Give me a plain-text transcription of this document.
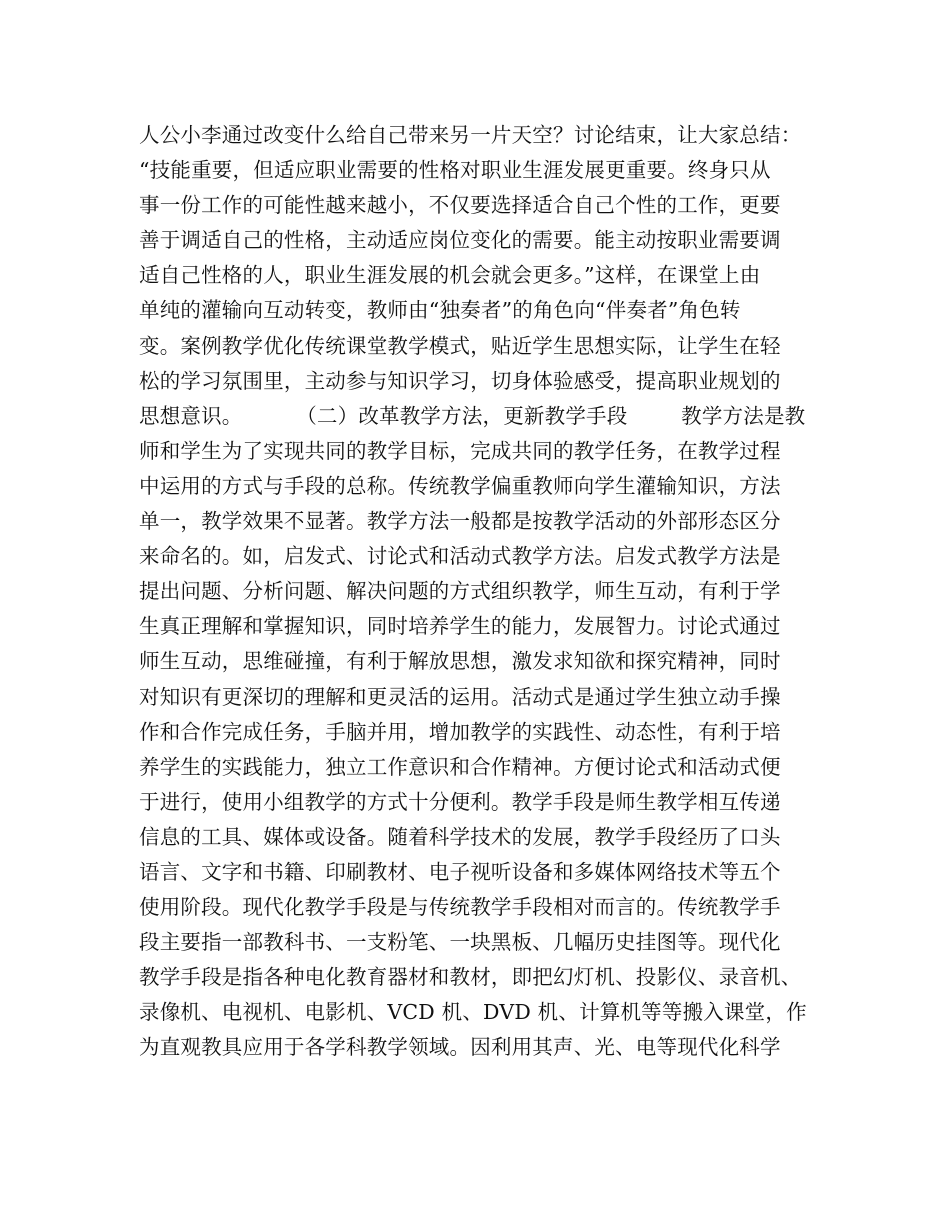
人公小李通过改变什么给自己带来另一片天空？讨论结束，让大家总结：
“技能重要，但适应职业需要的性格对职业生涯发展更重要。终身只从
事一份工作的可能性越来越小，不仅要选择适合自己个性的工作，更要
善于调适自己的性格，主动适应岗位变化的需要。能主动按职业需要调
适自己性格的人，职业生涯发展的机会就会更多。”这样，在课堂上由
单纯的灌输向互动转变，教师由“独奏者”的角色向“伴奏者”角色转
变。案例教学优化传统课堂教学模式，贴近学生思想实际，让学生在轻
松的学习氛围里，主动参与知识学习，切身体验感受，提高职业规划的
思想意识。        （二）改革教学方法，更新教学手段        教学方法是教
师和学生为了实现共同的教学目标，完成共同的教学任务，在教学过程
中运用的方式与手段的总称。传统教学偏重教师向学生灌输知识，方法
单一，教学效果不显著。教学方法一般都是按教学活动的外部形态区分
来命名的。如，启发式、讨论式和活动式教学方法。启发式教学方法是
提出问题、分析问题、解决问题的方式组织教学，师生互动，有利于学
生真正理解和掌握知识，同时培养学生的能力，发展智力。讨论式通过
师生互动，思维碰撞，有利于解放思想，激发求知欲和探究精神，同时
对知识有更深切的理解和更灵活的运用。活动式是通过学生独立动手操
作和合作完成任务，手脑并用，增加教学的实践性、动态性，有利于培
养学生的实践能力，独立工作意识和合作精神。方便讨论式和活动式便
于进行，使用小组教学的方式十分便利。教学手段是师生教学相互传递
信息的工具、媒体或设备。随着科学技术的发展，教学手段经历了口头
语言、文字和书籍、印刷教材、电子视听设备和多媒体网络技术等五个
使用阶段。现代化教学手段是与传统教学手段相对而言的。传统教学手
段主要指一部教科书、一支粉笔、一块黑板、几幅历史挂图等。现代化
教学手段是指各种电化教育器材和教材，即把幻灯机、投影仪、录音机、
录像机、电视机、电影机、VCD 机、DVD 机、计算机等等搬入课堂，作
为直观教具应用于各学科教学领域。因利用其声、光、电等现代化科学
